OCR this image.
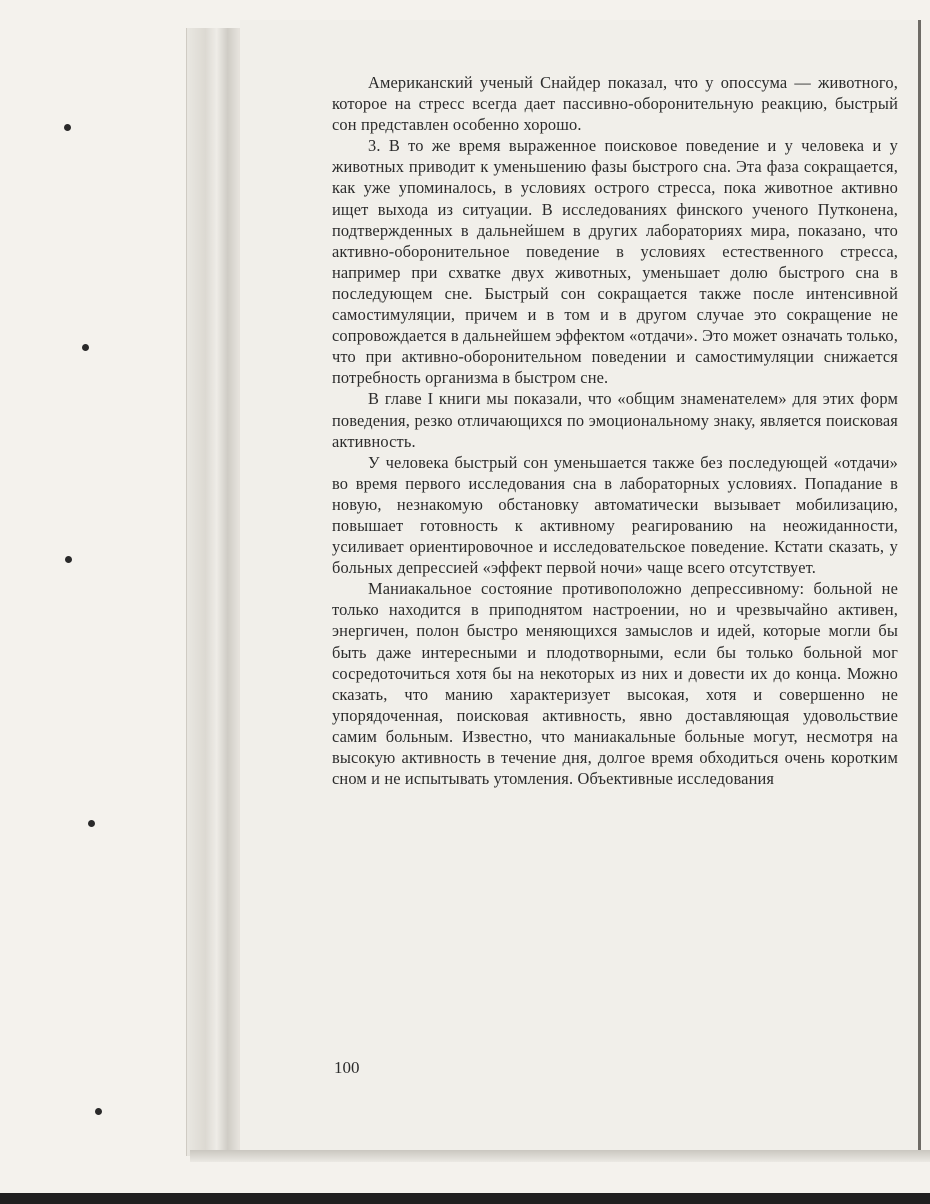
Американский ученый Снайдер показал, что у опоссума — животного, которое на стресс всегда дает пассивно-оборонительную реакцию, быстрый сон представлен особенно хорошо.

3. В то же время выраженное поисковое поведение и у человека и у животных приводит к уменьшению фазы быстрого сна. Эта фаза сокращается, как уже упоминалось, в условиях острого стресса, пока животное активно ищет выхода из ситуации. В исследованиях финского ученого Путконена, подтвержденных в дальнейшем в других лабораториях мира, показано, что активно-оборонительное поведение в условиях естественного стресса, например при схватке двух животных, уменьшает долю быстрого сна в последующем сне. Быстрый сон сокращается также после интенсивной самостимуляции, причем и в том и в другом случае это сокращение не сопровождается в дальнейшем эффектом «отдачи». Это может означать только, что при активно-оборонительном поведении и самостимуляции снижается потребность организма в быстром сне.

В главе I книги мы показали, что «общим знаменателем» для этих форм поведения, резко отличающихся по эмоциональному знаку, является поисковая активность.

У человека быстрый сон уменьшается также без последующей «отдачи» во время первого исследования сна в лабораторных условиях. Попадание в новую, незнакомую обстановку автоматически вызывает мобилизацию, повышает готовность к активному реагированию на неожиданности, усиливает ориентировочное и исследовательское поведение. Кстати сказать, у больных депрессией «эффект первой ночи» чаще всего отсутствует.

Маниакальное состояние противоположно депрессивному: больной не только находится в приподнятом настроении, но и чрезвычайно активен, энергичен, полон быстро меняющихся замыслов и идей, которые могли бы быть даже интересными и плодотворными, если бы только больной мог сосредоточиться хотя бы на некоторых из них и довести их до конца. Можно сказать, что манию характеризует высокая, хотя и совершенно не упорядоченная, поисковая активность, явно доставляющая удовольствие самим больным. Известно, что маниакальные больные могут, несмотря на высокую активность в течение дня, долгое время обходиться очень коротким сном и не испытывать утомления. Объективные исследования

100
